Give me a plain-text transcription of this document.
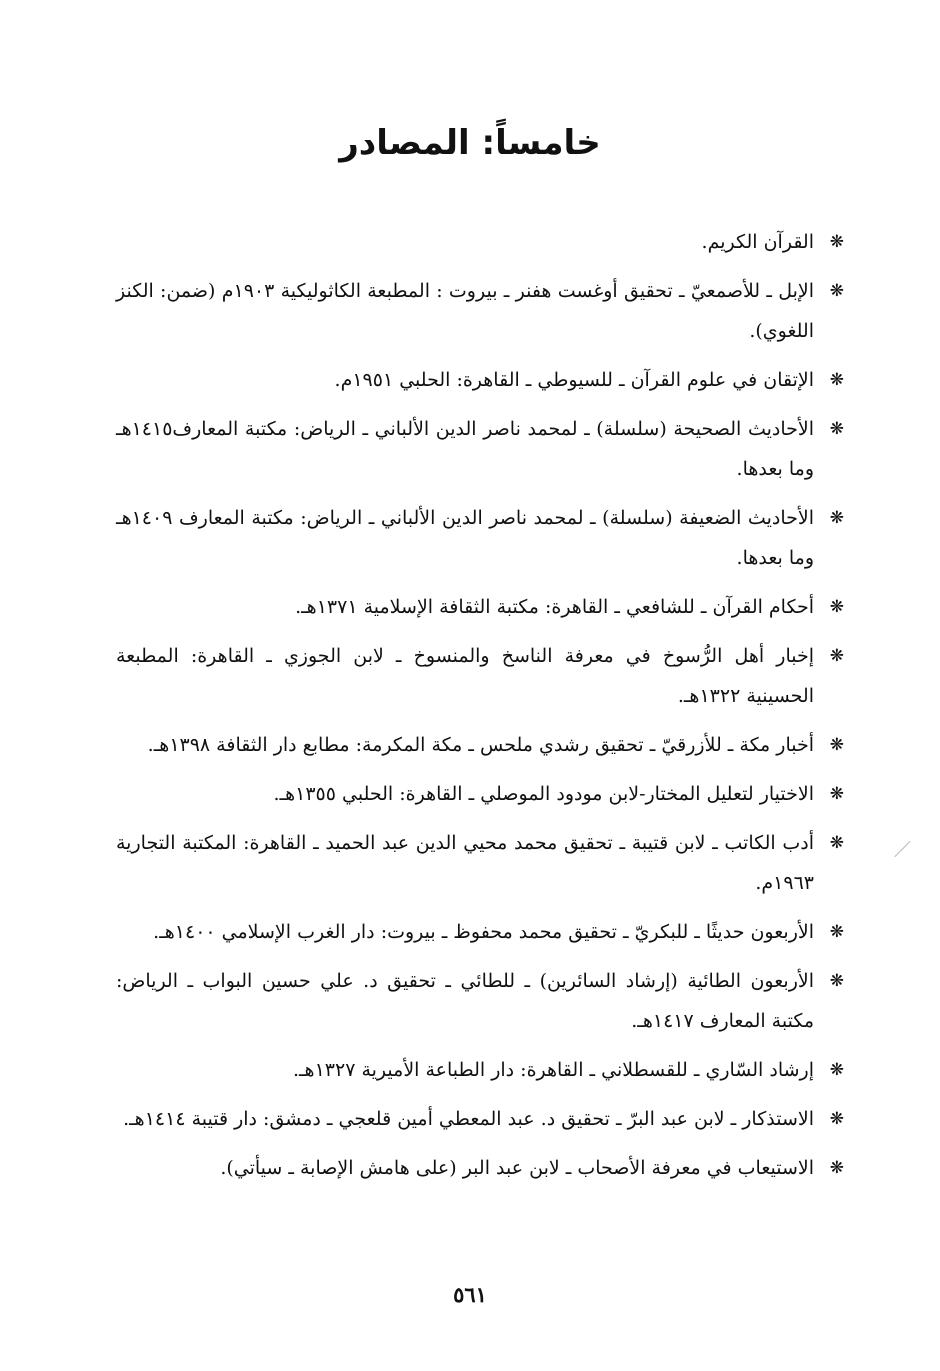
خامساً: المصادر
❋
القرآن الكريم.
❋
الإبل ـ للأصمعيّ ـ تحقيق أوغست هفنر ـ بيروت : المطبعة الكاثوليكية ١٩٠٣م (ضمن: الكنز اللغوي).
❋
الإتقان في علوم القرآن ـ للسيوطي ـ القاهرة: الحلبي ١٩٥١م.
❋
الأحاديث الصحيحة (سلسلة) ـ لمحمد ناصر الدين الألباني ـ الرياض: مكتبة المعارف١٤١٥هـ وما بعدها.
❋
الأحاديث الضعيفة (سلسلة) ـ لمحمد ناصر الدين الألباني ـ الرياض: مكتبة المعارف ١٤٠٩هـ وما بعدها.
❋
أحكام القرآن ـ للشافعي ـ القاهرة: مكتبة الثقافة الإسلامية ١٣٧١هـ.
❋
إخبار أهل الرُّسوخ في معرفة الناسخ والمنسوخ ـ لابن الجوزي ـ القاهرة: المطبعة الحسينية ١٣٢٢هـ.
❋
أخبار مكة ـ للأزرقيّ ـ تحقيق رشدي ملحس ـ مكة المكرمة: مطابع دار الثقافة ١٣٩٨هـ.
❋
الاختيار لتعليل المختار-لابن مودود الموصلي ـ القاهرة: الحلبي ١٣٥٥هـ.
❋
أدب الكاتب ـ لابن قتيبة ـ تحقيق محمد محيي الدين عبد الحميد ـ القاهرة: المكتبة التجارية ١٩٦٣م.
❋
الأربعون حديثًا ـ للبكريّ ـ تحقيق محمد محفوظ ـ بيروت: دار الغرب الإسلامي ١٤٠٠هـ.
❋
الأربعون الطائية (إرشاد السائرين) ـ للطائي ـ تحقيق د. علي حسين البواب ـ الرياض: مكتبة المعارف ١٤١٧هـ.
❋
إرشاد السّاري ـ للقسطلاني ـ القاهرة: دار الطباعة الأميرية ١٣٢٧هـ.
❋
الاستذكار ـ لابن عبد البرّ ـ تحقيق د. عبد المعطي أمين قلعجي ـ دمشق: دار قتيبة ١٤١٤هـ.
❋
الاستيعاب في معرفة الأصحاب ـ لابن عبد البر (على هامش الإصابة ـ سيأتي).
٥٦١
